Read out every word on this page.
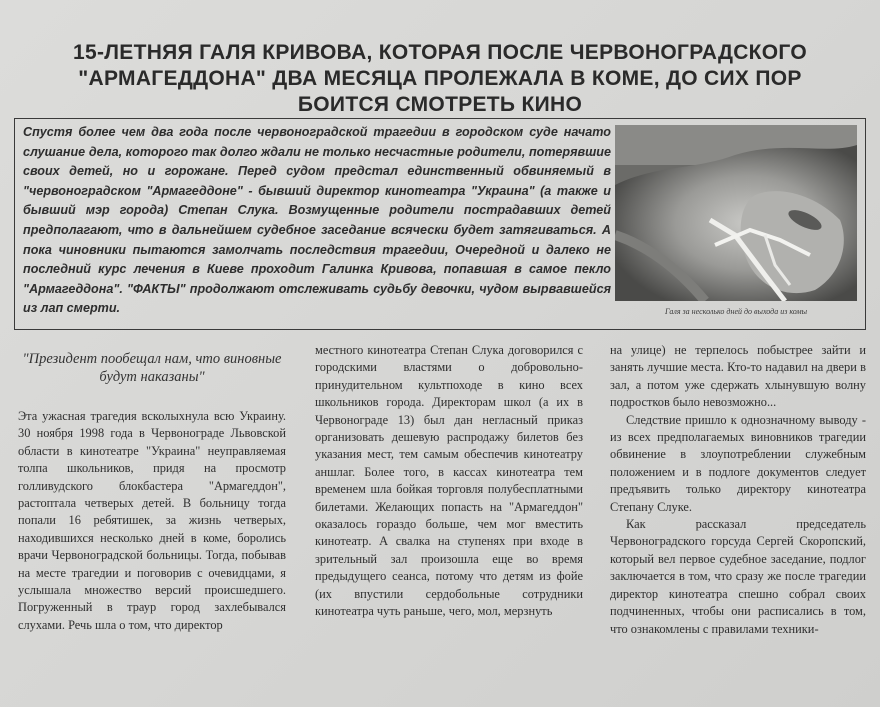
15-ЛЕТНЯЯ ГАЛЯ КРИВОВА, КОТОРАЯ ПОСЛЕ ЧЕРВОНОГРАДСКОГО "АРМАГЕДДОНА" ДВА МЕСЯЦА ПРОЛЕЖАЛА В КОМЕ, ДО СИХ ПОР БОИТСЯ СМОТРЕТЬ КИНО
Спустя более чем два года после червоноградской трагедии в городском суде начато слушание дела, которого так долго ждали не только несчастные родители, потерявшие своих детей, но и горожане. Перед судом предстал единственный обвиняемый в "червоноградском "Армагеддоне" - бывший директор кинотеатра "Украина" (а также и бывший мэр города) Степан Слука. Возмущенные родители пострадавших детей предполагают, что в дальнейшем судебное заседание всячески будет затягиваться. А пока чиновники пытаются замолчать последствия трагедии, Очередной и далеко не последний курс лечения в Киеве проходит Галинка Кривова, попавшая в самое пекло "Армагеддона". "ФАКТЫ" продолжают отслеживать судьбу девочки, чудом вырвавшейся из лап смерти.	Галя за несколько дней до выхода из комы

"Президент пообещал нам, что виновные будут наказаны"

Эта ужасная трагедия всколыхнула всю Украину. 30 ноября 1998 года в Червонограде Львовской области в кинотеатре "Украина" неуправляемая толпа школьников, придя на просмотр голливудского блокбастера "Армагеддон", растоптала четверых детей. В больницу тогда попали 16 ребятишек, за жизнь четверых, находившихся несколько дней в коме, боролись врачи Червоноградской больницы. Тогда, побывав на месте трагедии и поговорив с очевидцами, я услышала множество версий происшедшего. Погруженный в траур город захлебывался слухами. Речь шла о том, что директор

местного кинотеатра Степан Слука договорился с городскими властями о добровольно-принудительном культпоходе в кино всех школьников города. Директорам школ (а их в Червонограде 13) был дан негласный приказ организовать дешевую распродажу билетов без указания мест, тем самым обеспечив кинотеатру аншлаг. Более того, в кассах кинотеатра тем временем шла бойкая торговля полубесплатными билетами. Желающих попасть на "Армагеддон" оказалось гораздо больше, чем мог вместить кинотеатр. А свалка на ступенях при входе в зрительный зал произошла еще во время предыдущего сеанса, потому что детям из фойе (их впустили сердобольные сотрудники кинотеатра чуть раньше, чего, мол, мерзнуть

на улице) не терпелось побыстрее зайти и занять лучшие места. Кто-то надавил на двери в зал, а потом уже сдержать хлынувшую волну подростков было невозможно...

Следствие пришло к однозначному выводу - из всех предполагаемых виновников трагедии обвинение в злоупотреблении служебным положением и в подлоге документов следует предъявить только директору кинотеатра Степану Слуке.

Как рассказал председатель Червоноградского горсуда Сергей Скоропский, который вел первое судебное заседание, подлог заключается в том, что сразу же после трагедии директор кинотеатра спешно собрал своих подчиненных, чтобы они расписались в том, что ознакомлены с правилами техники-
